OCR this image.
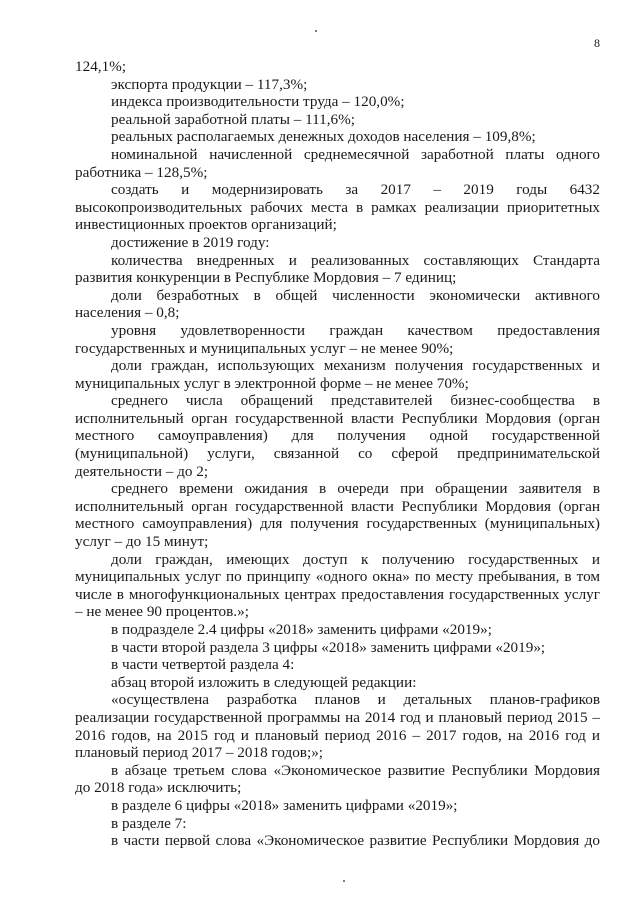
8
124,1%;
экспорта продукции – 117,3%;
индекса производительности труда – 120,0%;
реальной заработной платы – 111,6%;
реальных располагаемых денежных доходов населения – 109,8%;
номинальной начисленной среднемесячной заработной платы одного
работника – 128,5%;
создать и модернизировать за 2017 – 2019 годы 6432
высокопроизводительных рабочих места в рамках реализации приоритетных
инвестиционных проектов организаций;
достижение в 2019 году:
количества внедренных и реализованных составляющих Стандарта
развития конкуренции в Республике Мордовия – 7 единиц;
доли безработных в общей численности экономически активного
населения – 0,8;
уровня удовлетворенности граждан качеством предоставления
государственных и муниципальных услуг – не менее 90%;
доли граждан, использующих механизм получения государственных и
муниципальных услуг в электронной форме – не менее 70%;
среднего числа обращений представителей бизнес-сообщества в
исполнительный орган государственной власти Республики Мордовия (орган
местного самоуправления) для получения одной государственной
(муниципальной) услуги, связанной со сферой предпринимательской
деятельности – до 2;
среднего времени ожидания в очереди при обращении заявителя в
исполнительный орган государственной власти Республики Мордовия (орган
местного самоуправления) для получения государственных (муниципальных)
услуг – до 15 минут;
доли граждан, имеющих доступ к получению государственных и
муниципальных услуг по принципу «одного окна» по месту пребывания, в том
числе в многофункциональных центрах предоставления государственных услуг
– не менее 90 процентов.»;
в подразделе 2.4 цифры «2018» заменить цифрами «2019»;
в части второй раздела 3 цифры «2018» заменить цифрами «2019»;
в части четвертой раздела 4:
абзац второй изложить в следующей редакции:
«осуществлена разработка планов и детальных планов-графиков
реализации государственной программы на 2014 год и плановый период 2015 –
2016 годов, на 2015 год и плановый период 2016 – 2017 годов, на 2016 год и
плановый период 2017 – 2018 годов;»;
в абзаце третьем слова «Экономическое развитие Республики Мордовия
до 2018 года» исключить;
в разделе 6 цифры «2018» заменить цифрами «2019»;
в разделе 7:
в части первой слова «Экономическое развитие Республики Мордовия до
